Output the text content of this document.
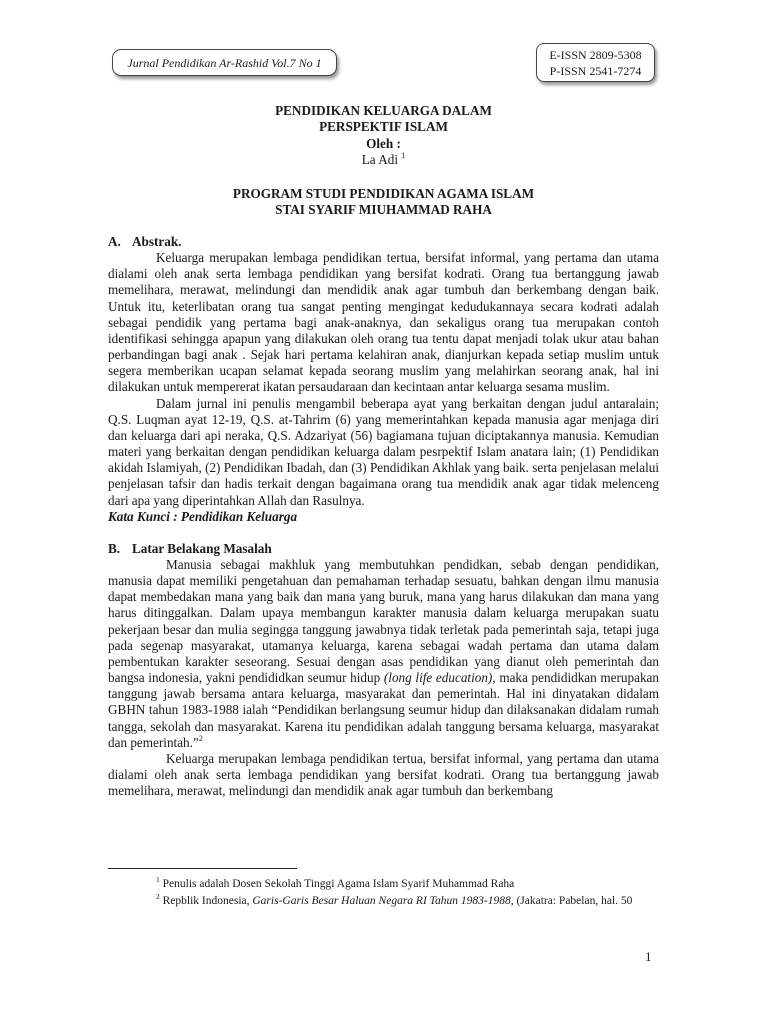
Jurnal Pendidikan Ar-Rashid Vol.7 No 1
E-ISSN 2809-5308
P-ISSN 2541-7274
PENDIDIKAN KELUARGA DALAM
PERSPEKTIF ISLAM
Oleh :
La Adi $^1$
PROGRAM STUDI PENDIDIKAN AGAMA ISLAM
STAI SYARIF MIUHAMMAD RAHA
A. Abstrak.

Keluarga merupakan lembaga pendidikan tertua, bersifat informal, yang pertama dan utama dialami oleh anak serta lembaga pendidikan yang bersifat kodrati. Orang tua bertanggung jawab memelihara, merawat, melindungi dan mendidik anak agar tumbuh dan berkembang dengan baik. Untuk itu, keterlibatan orang tua sangat penting mengingat kedudukannaya secara kodrati adalah sebagai pendidik yang pertama bagi anak-anaknya, dan sekaligus orang tua merupakan contoh identifikasi sehingga apapun yang dilakukan oleh orang tua tentu dapat menjadi tolak ukur atau bahan perbandingan bagi anak . Sejak hari pertama kelahiran anak, dianjurkan kepada setiap muslim untuk segera memberikan ucapan selamat kepada seorang muslim yang melahirkan seorang anak, hal ini dilakukan untuk mempererat ikatan persaudaraan dan kecintaan antar keluarga sesama muslim.

Dalam jurnal ini penulis mengambil beberapa ayat yang berkaitan dengan judul antaralain; Q.S. Luqman ayat 12-19, Q.S. at-Tahrim (6) yang memerintahkan kepada manusia agar menjaga diri dan keluarga dari api neraka, Q.S. Adzariyat (56) bagiamana tujuan diciptakannya manusia. Kemudian materi yang berkaitan dengan pendidikan keluarga dalam pesrpektif Islam anatara lain; (1) Pendidikan akidah Islamiyah, (2) Pendidikan Ibadah, dan (3) Pendidikan Akhlak yang baik. serta penjelasan melalui penjelasan tafsir dan hadis terkait dengan bagaimana orang tua mendidik anak agar tidak melenceng dari apa yang diperintahkan Allah dan Rasulnya.

Kata Kunci : Pendidikan Keluarga
B. Latar Belakang Masalah

Manusia sebagai makhluk yang membutuhkan pendidkan, sebab dengan pendidikan, manusia dapat memiliki pengetahuan dan pemahaman terhadap sesuatu, bahkan dengan ilmu manusia dapat membedakan mana yang baik dan mana yang buruk, mana yang harus dilakukan dan mana yang harus ditinggalkan. Dalam upaya membangun karakter manusia dalam keluarga merupakan suatu pekerjaan besar dan mulia segingga tanggung jawabnya tidak terletak pada pemerintah saja, tetapi juga pada segenap masyarakat, utamanya keluarga, karena sebagai wadah pertama dan utama dalam pembentukan karakter seseorang. Sesuai dengan asas pendidikan yang dianut oleh pemerintah dan bangsa indonesia, yakni pendididkan seumur hidup (long life education), maka pendididkan merupakan tanggung jawab bersama antara keluarga, masyarakat dan pemerintah. Hal ini dinyatakan didalam GBHN tahun 1983-1988 ialah “Pendidikan berlangsung seumur hidup dan dilaksanakan didalam rumah tangga, sekolah dan masyarakat. Karena itu pendidikan adalah tanggung bersama keluarga, masyarakat dan pemerintah.”$^2$

Keluarga merupakan lembaga pendidikan tertua, bersifat informal, yang pertama dan utama dialami oleh anak serta lembaga pendidikan yang bersifat kodrati. Orang tua bertanggung jawab memelihara, merawat, melindungi dan mendidik anak agar tumbuh dan berkembang

$^1$ Penulis adalah Dosen Sekolah Tinggi Agama Islam Syarif Muhammad Raha

$^2$ Repblik Indonesia, Garis-Garis Besar Haluan Negara RI Tahun 1983-1988, (Jakatra: Pabelan, hal. 50

1
